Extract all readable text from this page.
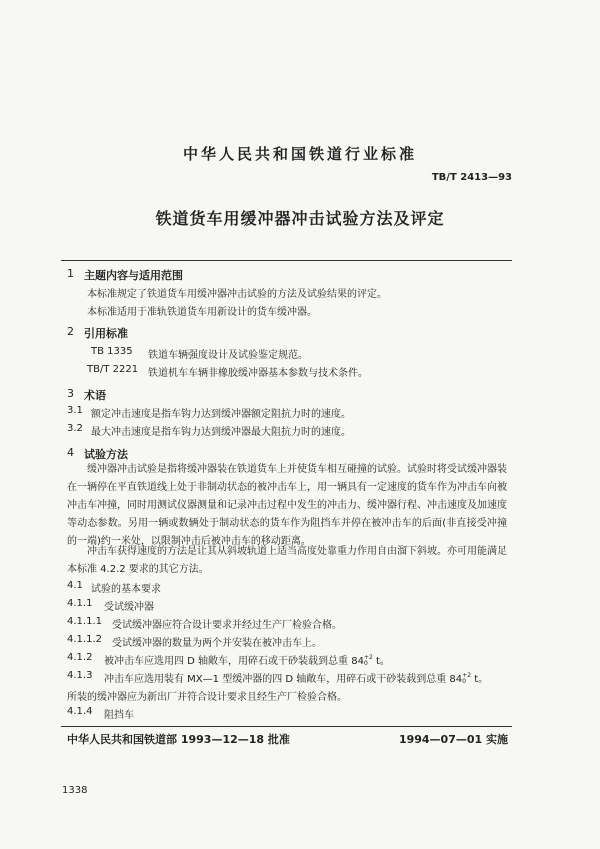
中华人民共和国铁道行业标准
TB/T 2413—93
铁道货车用缓冲器冲击试验方法及评定
1 主题内容与适用范围
本标准规定了铁道货车用缓冲器冲击试验的方法及试验结果的评定。
本标准适用于准轨铁道货车用新设计的货车缓冲器。
2 引用标准
TB 1335 铁道车辆强度设计及试验鉴定规范。
TB/T 2221 铁道机车车辆非橡胶缓冲器基本参数与技术条件。
3 术语
3.1 额定冲击速度是指车钩力达到缓冲器额定阻抗力时的速度。
3.2 最大冲击速度是指车钩力达到缓冲器最大阻抗力时的速度。
4 试验方法
缓冲器冲击试验是指将缓冲器装在铁道货车上并使货车相互碰撞的试验。试验时将受试缓冲器装在一辆停在平直铁道线上处于非制动状态的被冲击车上，用一辆具有一定速度的货车作为冲击车向被冲击车冲撞，同时用测试仪器测量和记录冲击过程中发生的冲击力、缓冲器行程、冲击速度及加速度等动态参数。另用一辆或数辆处于制动状态的货车作为阻挡车并停在被冲击车的后面(非直接受冲撞的一端)约一米处，以限制冲击后被冲击车的移动距离。
冲击车获得速度的方法是让其从斜坡轨道上适当高度处靠重力作用自由溜下斜坡。亦可用能满足本标准 4.2.2 要求的其它方法。
4.1 试验的基本要求
4.1.1 受试缓冲器
4.1.1.1 受试缓冲器应符合设计要求并经过生产厂检验合格。
4.1.1.2 受试缓冲器的数量为两个并安装在被冲击车上。
4.1.2 被冲击车应选用四 D 轴敞车，用碎石或干砂装载到总重 84 +2
0 t。
4.1.3 冲击车应选用装有 MX—1 型缓冲器的四 D 轴敞车，用碎石或干砂装载到总重 84 +2
0 t。
所装的缓冲器应为新出厂并符合设计要求且经生产厂检验合格。
4.1.4 阻挡车
中华人民共和国铁道部 1993—12—18 批准	1994—07—01 实施
1338
